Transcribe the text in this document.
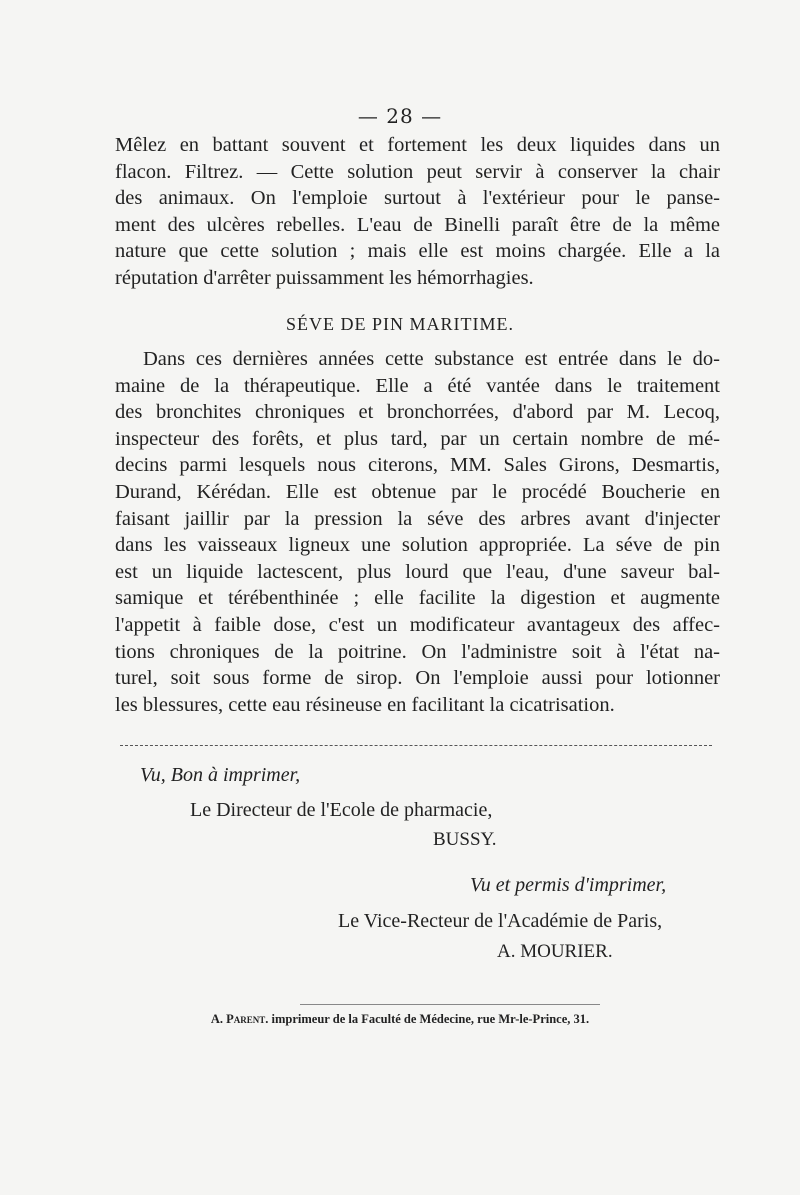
— 28 —
Mêlez en battant souvent et fortement les deux liquides dans un
flacon. Filtrez. — Cette solution peut servir à conserver la chair
des animaux. On l'emploie surtout à l'extérieur pour le panse-
ment des ulcères rebelles. L'eau de Binelli paraît être de la même
nature que cette solution ; mais elle est moins chargée. Elle a la
réputation d'arrêter puissamment les hémorrhagies.
SÉVE DE PIN MARITIME.
Dans ces dernières années cette substance est entrée dans le do-
maine de la thérapeutique. Elle a été vantée dans le traitement
des bronchites chroniques et bronchorrées, d'abord par M. Lecoq,
inspecteur des forêts, et plus tard, par un certain nombre de mé-
decins parmi lesquels nous citerons, MM. Sales Girons, Desmartis,
Durand, Kérédan. Elle est obtenue par le procédé Boucherie en
faisant jaillir par la pression la séve des arbres avant d'injecter
dans les vaisseaux ligneux une solution appropriée. La séve de pin
est un liquide lactescent, plus lourd que l'eau, d'une saveur bal-
samique et térébenthinée ; elle facilite la digestion et augmente
l'appetit à faible dose, c'est un modificateur avantageux des affec-
tions chroniques de la poitrine. On l'administre soit à l'état na-
turel, soit sous forme de sirop. On l'emploie aussi pour lotionner
les blessures, cette eau résineuse en facilitant la cicatrisation.
Vu, Bon à imprimer,
Le Directeur de l'Ecole de pharmacie,
BUSSY.
Vu et permis d'imprimer,
Le Vice-Recteur de l'Académie de Paris,
A. MOURIER.
A. Parent. imprimeur de la Faculté de Médecine, rue Mr-le-Prince, 31.
